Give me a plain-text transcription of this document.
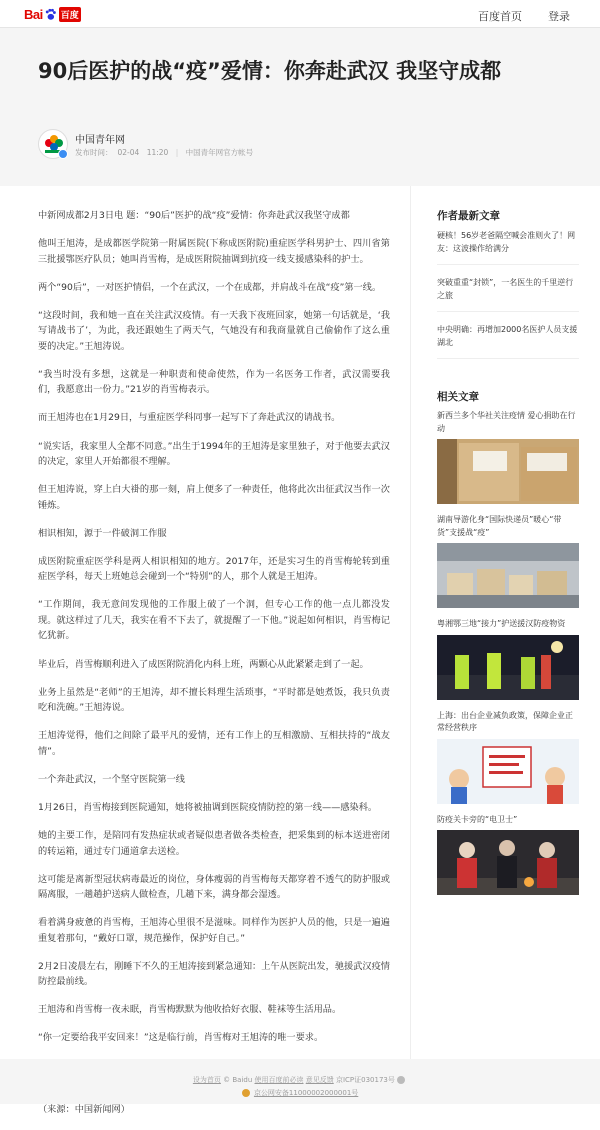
Bai 百度	百度首页 登录
90后医护的战“疫”爱情：你奔赴武汉 我坚守成都
中国青年网
发布时间： 02-04 11:20 | 中国青年网官方帐号

中新网成都2月3日电 题：“90后”医护的战“疫”爱情：你奔赴武汉我坚守成都

他叫王旭涛，是成都医学院第一附属医院(下称成医附院)重症医学科男护士、四川省第三批援鄂医疗队员；她叫肖雪梅，是成医附院抽调到抗疫一线支援感染科的护士。

两个“90后”，一对医护情侣，一个在武汉，一个在成都，并肩战斗在战“疫”第一线。

“这段时间，我和她一直在关注武汉疫情。有一天我下夜班回家，她第一句话就是，‘我写请战书了’，为此，我还跟她生了两天气，气她没有和我商量就自己偷偷作了这么重要的决定。”王旭涛说。

“我当时没有多想，这就是一种职责和使命使然，作为一名医务工作者，武汉需要我们，我愿意出一份力。”21岁的肖雪梅表示。

而王旭涛也在1月29日，与重症医学科同事一起写下了奔赴武汉的请战书。

“说实话，我家里人全都不同意。”出生于1994年的王旭涛是家里独子，对于他要去武汉的决定，家里人开始都很不理解。

但王旭涛说，穿上白大褂的那一刻，肩上便多了一种责任，他将此次出征武汉当作一次锤炼。

相识相知，源于一件破洞工作服

成医附院重症医学科是两人相识相知的地方。2017年，还是实习生的肖雪梅轮转到重症医学科，每天上班她总会碰到一个“特别”的人，那个人就是王旭涛。

“工作期间，我无意间发现他的工作服上破了一个洞，但专心工作的他一点儿都没发现。就这样过了几天，我实在看不下去了，就提醒了一下他。”说起如何相识，肖雪梅记忆犹新。

毕业后，肖雪梅顺利进入了成医附院消化内科上班，两颗心从此紧紧走到了一起。

业务上虽然是“老师”的王旭涛，却不擅长料理生活琐事，“平时都是她煮饭，我只负责吃和洗碗。”王旭涛说。

王旭涛觉得，他们之间除了最平凡的爱情，还有工作上的互相激励、互相扶持的“战友情”。

一个奔赴武汉，一个坚守医院第一线

1月26日，肖雪梅接到医院通知，她将被抽调到医院疫情防控的第一线——感染科。

她的主要工作，是陪同有发热症状或者疑似患者做各类检查，把采集到的标本送进密闭的转运箱，通过专门通道拿去送检。

这可能是离新型冠状病毒最近的岗位，身体瘦弱的肖雪梅每天都穿着不透气的防护服或隔离服，一趟趟护送病人做检查，几趟下来，满身都会湿透。

看着满身疲惫的肖雪梅，王旭涛心里很不是滋味。同样作为医护人员的他，只是一遍遍重复着那句，“戴好口罩，规范操作，保护好自己。”

2月2日凌晨左右，刚睡下不久的王旭涛接到紧急通知：上午从医院出发，驰援武汉疫情防控最前线。

王旭涛和肖雪梅一夜未眠，肖雪梅默默为他收拾好衣服、鞋袜等生活用品。

“你一定要给我平安回来！”这是临行前，肖雪梅对王旭涛的唯一要求。

（来源：中国新闻网）

作者最新文章
硬核！56岁老爸隔空喊会准则火了！网友：这波操作给满分
突破重重“封锁”，一名医生的千里逆行之旅
中央明确：再增加2000名医护人员支援湖北
相关文章
新西兰多个华社关注疫情 爱心捐助在行动
湖南导游化身“国际快递员”暖心“带货”支援战“疫”
粤湘鄂三地“接力”护送援汉防疫物资
上海：出台企业减负政策，保障企业正常经营秩序
防疫关卡旁的“电卫士”
设为首页 © Baidu 使用百度前必读 意见反馈 京ICP证030173号
京公网安备11000002000001号
